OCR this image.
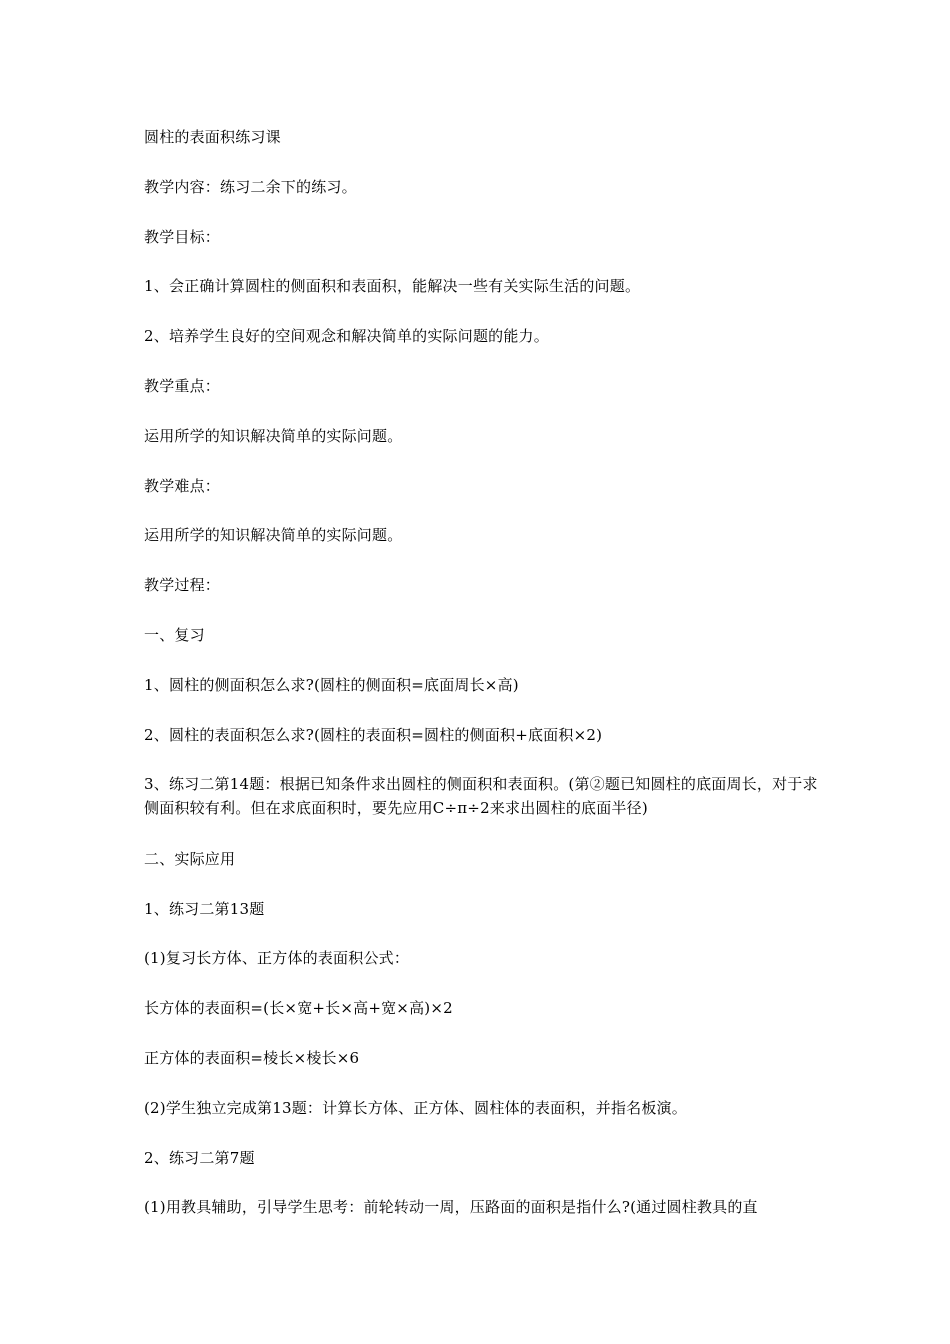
圆柱的表面积练习课
教学内容：练习二余下的练习。
教学目标：
1、会正确计算圆柱的侧面积和表面积，能解决一些有关实际生活的问题。
2、培养学生良好的空间观念和解决简单的实际问题的能力。
教学重点：
运用所学的知识解决简单的实际问题。
教学难点：
运用所学的知识解决简单的实际问题。
教学过程：
一、复习
1、圆柱的侧面积怎么求?(圆柱的侧面积=底面周长×高)
2、圆柱的表面积怎么求?(圆柱的表面积=圆柱的侧面积+底面积×2)
3、练习二第14题：根据已知条件求出圆柱的侧面积和表面积。(第②题已知圆柱的底面周长，对于求侧面积较有利。但在求底面积时，要先应用C÷π÷2来求出圆柱的底面半径)
二、实际应用
1、练习二第13题
(1)复习长方体、正方体的表面积公式：
长方体的表面积=(长×宽+长×高+宽×高)×2
正方体的表面积=棱长×棱长×6
(2)学生独立完成第13题：计算长方体、正方体、圆柱体的表面积，并指名板演。
2、练习二第7题
(1)用教具辅助，引导学生思考：前轮转动一周，压路面的面积是指什么?(通过圆柱教具的直
